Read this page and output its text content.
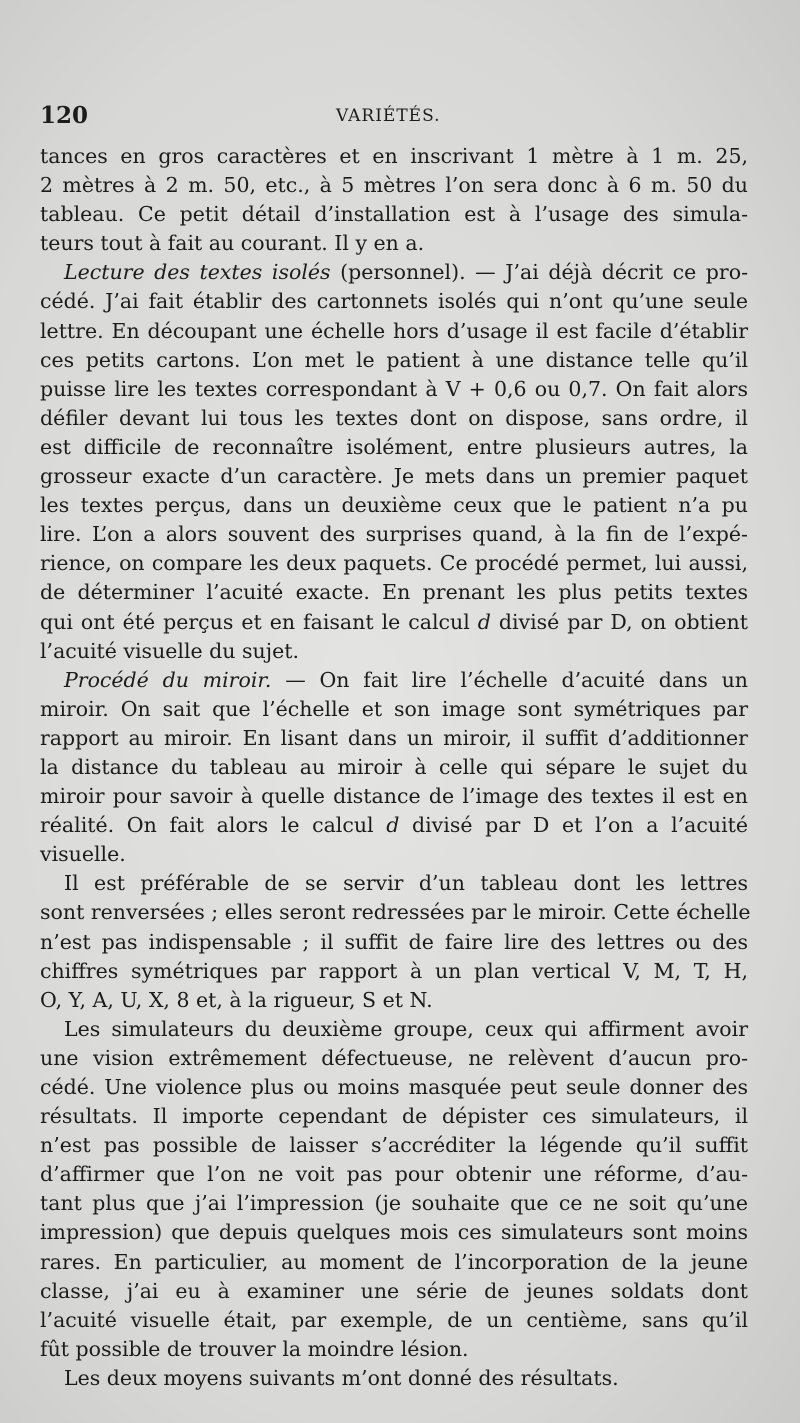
120	VARIÉTÉS.
tances en gros caractères et en inscrivant 1 mètre à 1 m. 25,
2 mètres à 2 m. 50, etc., à 5 mètres l’on sera donc à 6 m. 50 du
tableau. Ce petit détail d’installation est à l’usage des simula-
teurs tout à fait au courant. Il y en a.
Lecture des textes isolés (personnel). — J’ai déjà décrit ce pro-
cédé. J’ai fait établir des cartonnets isolés qui n’ont qu’une seule
lettre. En découpant une échelle hors d’usage il est facile d’établir
ces petits cartons. L’on met le patient à une distance telle qu’il
puisse lire les textes correspondant à V + 0,6 ou 0,7. On fait alors
défiler devant lui tous les textes dont on dispose, sans ordre, il
est difficile de reconnaître isolément, entre plusieurs autres, la
grosseur exacte d’un caractère. Je mets dans un premier paquet
les textes perçus, dans un deuxième ceux que le patient n’a pu
lire. L’on a alors souvent des surprises quand, à la fin de l’expé-
rience, on compare les deux paquets. Ce procédé permet, lui aussi,
de déterminer l’acuité exacte. En prenant les plus petits textes
qui ont été perçus et en faisant le calcul d divisé par D, on obtient
l’acuité visuelle du sujet.
Procédé du miroir. — On fait lire l’échelle d’acuité dans un
miroir. On sait que l’échelle et son image sont symétriques par
rapport au miroir. En lisant dans un miroir, il suffit d’additionner
la distance du tableau au miroir à celle qui sépare le sujet du
miroir pour savoir à quelle distance de l’image des textes il est en
réalité. On fait alors le calcul d divisé par D et l’on a l’acuité
visuelle.
Il est préférable de se servir d’un tableau dont les lettres
sont renversées ; elles seront redressées par le miroir. Cette échelle
n’est pas indispensable ; il suffit de faire lire des lettres ou des
chiffres symétriques par rapport à un plan vertical V, M, T, H,
O, Y, A, U, X, 8 et, à la rigueur, S et N.
Les simulateurs du deuxième groupe, ceux qui affirment avoir
une vision extrêmement défectueuse, ne relèvent d’aucun pro-
cédé. Une violence plus ou moins masquée peut seule donner des
résultats. Il importe cependant de dépister ces simulateurs, il
n’est pas possible de laisser s’accréditer la légende qu’il suffit
d’affirmer que l’on ne voit pas pour obtenir une réforme, d’au-
tant plus que j’ai l’impression (je souhaite que ce ne soit qu’une
impression) que depuis quelques mois ces simulateurs sont moins
rares. En particulier, au moment de l’incorporation de la jeune
classe, j’ai eu à examiner une série de jeunes soldats dont
l’acuité visuelle était, par exemple, de un centième, sans qu’il
fût possible de trouver la moindre lésion.
Les deux moyens suivants m’ont donné des résultats.
